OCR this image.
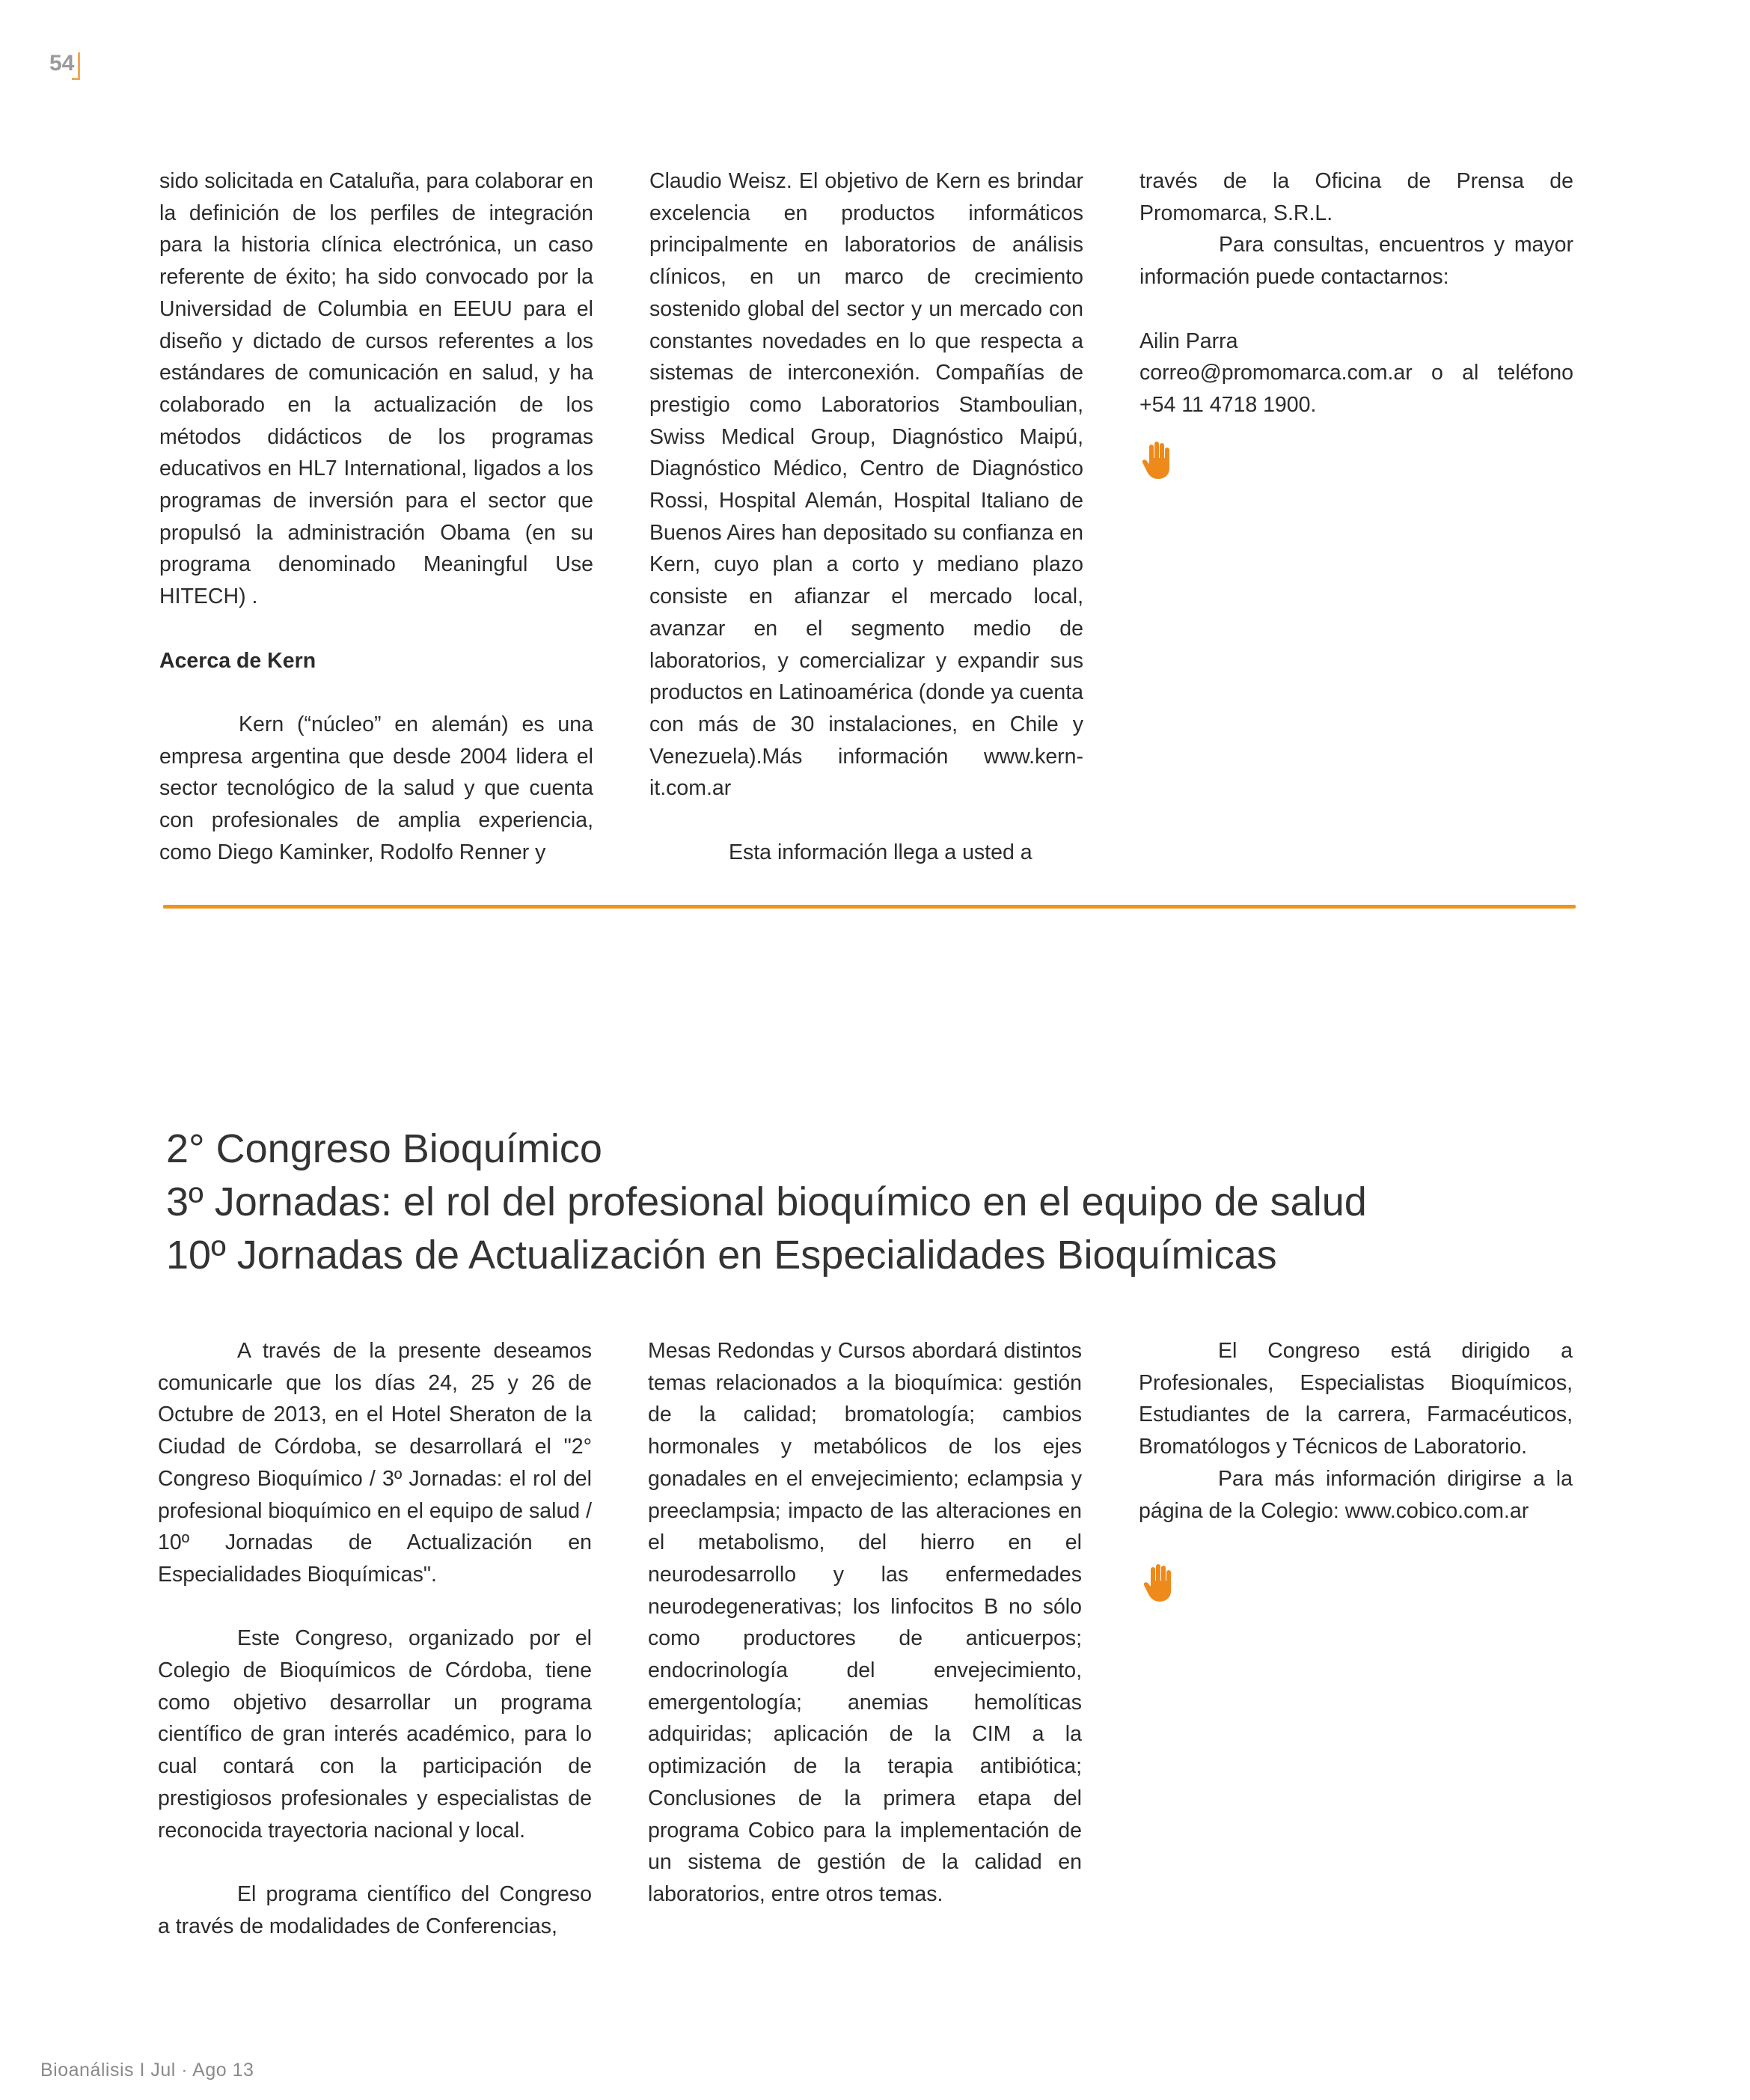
54

sido solicitada en Cataluña, para colaborar en la definición de los perfiles de integración para la historia clínica electrónica, un caso referente de éxito; ha sido convocado por la Universidad de Columbia en EEUU para el diseño y dictado de cursos referentes a los estándares de comunicación en salud, y ha colaborado en la actualización de los métodos didácticos de los programas educativos en HL7 International, ligados a los programas de inversión para el sector que propulsó la administración Obama (en su programa denominado Meaningful Use HITECH) .

Acerca de Kern

Kern (“núcleo” en alemán) es una empresa argentina que desde 2004 lidera el sector tecnológico de la salud y que cuenta con profesionales de amplia experiencia, como Diego Kaminker, Rodolfo Renner y

Claudio Weisz. El objetivo de Kern es brindar excelencia en productos informáticos principalmente en laboratorios de análisis clínicos, en un marco de crecimiento sostenido global del sector y un mercado con constantes novedades en lo que respecta a sistemas de interconexión. Compañías de prestigio como Laboratorios Stamboulian, Swiss Medical Group, Diagnóstico Maipú, Diagnóstico Médico, Centro de Diagnóstico Rossi, Hospital Alemán, Hospital Italiano de Buenos Aires han depositado su confianza en Kern, cuyo plan a corto y mediano plazo consiste en afianzar el mercado local, avanzar en el segmento medio de laboratorios, y comercializar y expandir sus productos en Latinoamérica (donde ya cuenta con más de 30 instalaciones, en Chile y Venezuela).Más información www.kern-it.com.ar

Esta información llega a usted a

través de la Oficina de Prensa de Promomarca, S.R.L.

Para consultas, encuentros y mayor información puede contactarnos:

Ailin Parra

correo@promomarca.com.ar o al teléfono +54 11 4718 1900.

2° Congreso Bioquímico

3º Jornadas: el rol del profesional bioquímico en el equipo de salud

10º Jornadas de Actualización en Especialidades Bioquímicas

A través de la presente deseamos comunicarle que los días 24, 25 y 26 de Octubre de 2013, en el Hotel Sheraton de la Ciudad de Córdoba, se desarrollará el "2° Congreso Bioquímico / 3º Jornadas: el rol del profesional bioquímico en el equipo de salud / 10º Jornadas de Actualización en Especialidades Bioquímicas".

Este Congreso, organizado por el Colegio de Bioquímicos de Córdoba, tiene como objetivo desarrollar un programa científico de gran interés académico, para lo cual contará con la participación de prestigiosos profesionales y especialistas de reconocida trayectoria nacional y local.

El programa científico del Congreso a través de modalidades de Conferencias,

Mesas Redondas y Cursos abordará distintos temas relacionados a la bioquímica: gestión de la calidad; bromatología; cambios hormonales y metabólicos de los ejes gonadales en el envejecimiento; eclampsia y preeclampsia; impacto de las alteraciones en el metabolismo, del hierro en el neurodesarrollo y las enfermedades neurodegenerativas; los linfocitos B no sólo como productores de anticuerpos; endocrinología del envejecimiento, emergentología; anemias hemolíticas adquiridas; aplicación de la CIM a la optimización de la terapia antibiótica; Conclusiones de la primera etapa del programa Cobico para la implementación de un sistema de gestión de la calidad en laboratorios, entre otros temas.

El Congreso está dirigido a Profesionales, Especialistas Bioquímicos, Estudiantes de la carrera, Farmacéuticos, Bromatólogos y Técnicos de Laboratorio.

Para más información dirigirse a la página de la Colegio: www.cobico.com.ar

Bioanálisis I Jul · Ago 13
